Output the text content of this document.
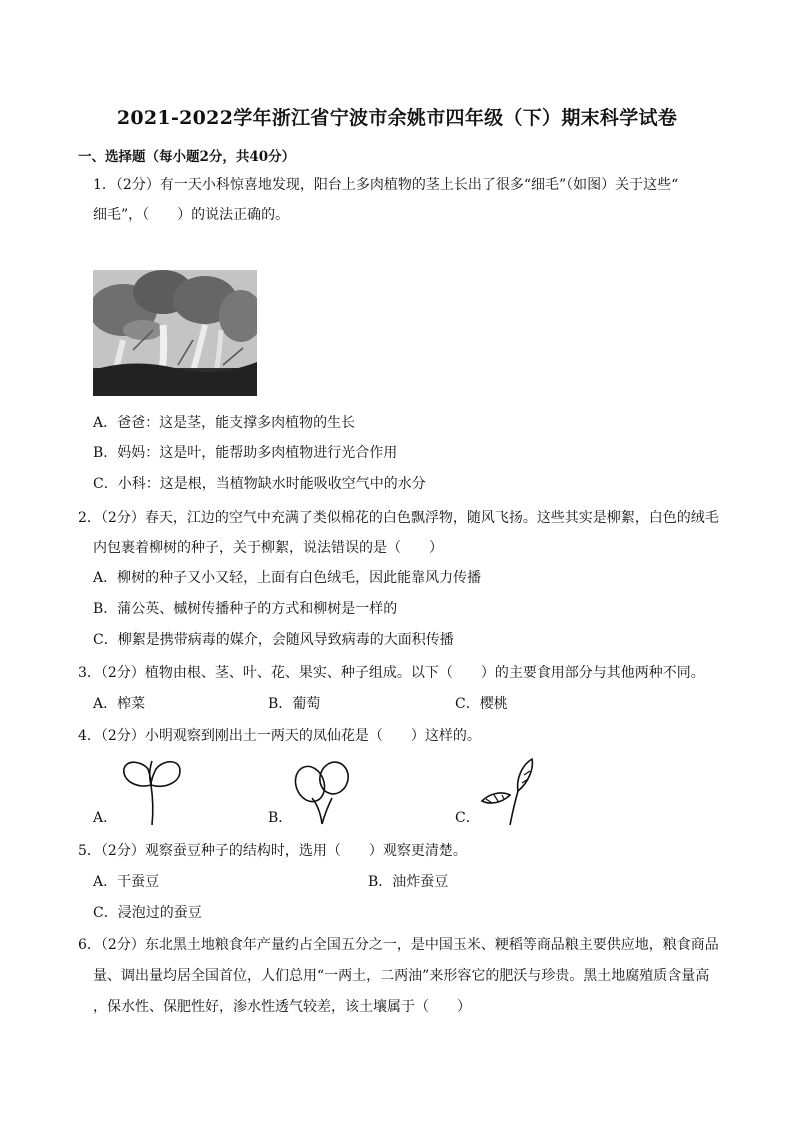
2021-2022学年浙江省宁波市余姚市四年级（下）期末科学试卷
一、选择题（每小题2分，共40分）
1．（2分）有一天小科惊喜地发现，阳台上多肉植物的茎上长出了很多“细毛”（如图）关于这些“
细毛”，（　　）的说法正确的。
A．爸爸：这是茎，能支撑多肉植物的生长
B．妈妈：这是叶，能帮助多肉植物进行光合作用
C．小科：这是根，当植物缺水时能吸收空气中的水分
2．（2分）春天，江边的空气中充满了类似棉花的白色飘浮物，随风飞扬。这些其实是柳絮，白色的绒毛
内包裹着柳树的种子，关于柳絮，说法错误的是（　　）
A．柳树的种子又小又轻，上面有白色绒毛，因此能靠风力传播
B．蒲公英、槭树传播种子的方式和柳树是一样的
C．柳絮是携带病毒的媒介，会随风导致病毒的大面积传播
3．（2分）植物由根、茎、叶、花、果实、种子组成。以下（　　）的主要食用部分与其他两种不同。
A．榨菜	B．葡萄	C．樱桃
4．（2分）小明观察到刚出土一两天的凤仙花是（　　）这样的。
A．	B．	C．
5．（2分）观察蚕豆种子的结构时，选用（　　）观察更清楚。
A．干蚕豆	B．油炸蚕豆
C．浸泡过的蚕豆
6．（2分）东北黑土地粮食年产量约占全国五分之一，是中国玉米、粳稻等商品粮主要供应地，粮食商品
量、调出量均居全国首位，人们总用“一两土，二两油”来形容它的肥沃与珍贵。黑土地腐殖质含量高
，保水性、保肥性好，渗水性透气较差，该土壤属于（　　）
